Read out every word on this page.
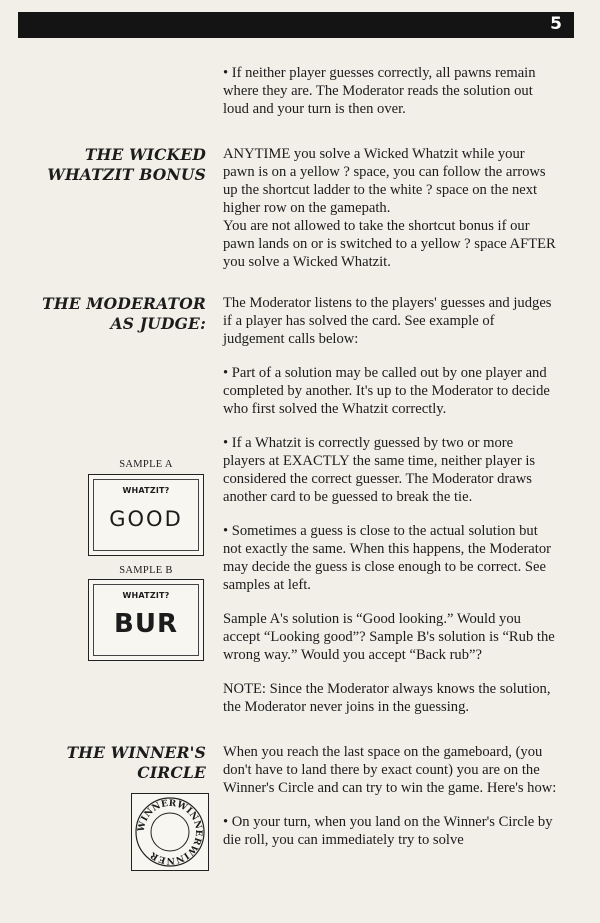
5

• If neither player guesses correctly, all pawns remain where they are. The Moderator reads the solution out loud and your turn is then over.

THE WICKED
WHATZIT BONUS

ANYTIME you solve a Wicked Whatzit while your pawn is on a yellow ? space, you can follow the arrows up the shortcut ladder to the white ? space on the next higher row on the gamepath.

You are not allowed to take the shortcut bonus if our pawn lands on or is switched to a yellow ? space AFTER you solve a Wicked Whatzit.

THE MODERATOR
AS JUDGE:

The Moderator listens to the players' guesses and judges if a player has solved the card. See example of judgement calls below:

• Part of a solution may be called out by one player and completed by another. It's up to the Moderator to decide who first solved the Whatzit correctly.

• If a Whatzit is correctly guessed by two or more players at EXACTLY the same time, neither player is considered the correct guesser. The Moderator draws another card to be guessed to break the tie.

• Sometimes a guess is close to the actual solution but not exactly the same. When this happens, the Moderator may decide the guess is close enough to be correct. See samples at left.

Sample A's solution is “Good looking.” Would you accept “Looking good”? Sample B's solution is “Rub the wrong way.” Would you accept “Back rub”?

NOTE: Since the Moderator always knows the solution, the Moderator never joins in the guessing.

SAMPLE A
WHATZIT?
GOOD
SAMPLE B
WHATZIT?
BUR
THE WINNER'S
CIRCLE

When you reach the last space on the gameboard, (you don't have to land there by exact count) you are on the Winner's Circle and can try to win the game. Here's how:

• On your turn, when you land on the Winner's Circle by die roll, you can immediately try to solve

WINNERWINNERWINNER
